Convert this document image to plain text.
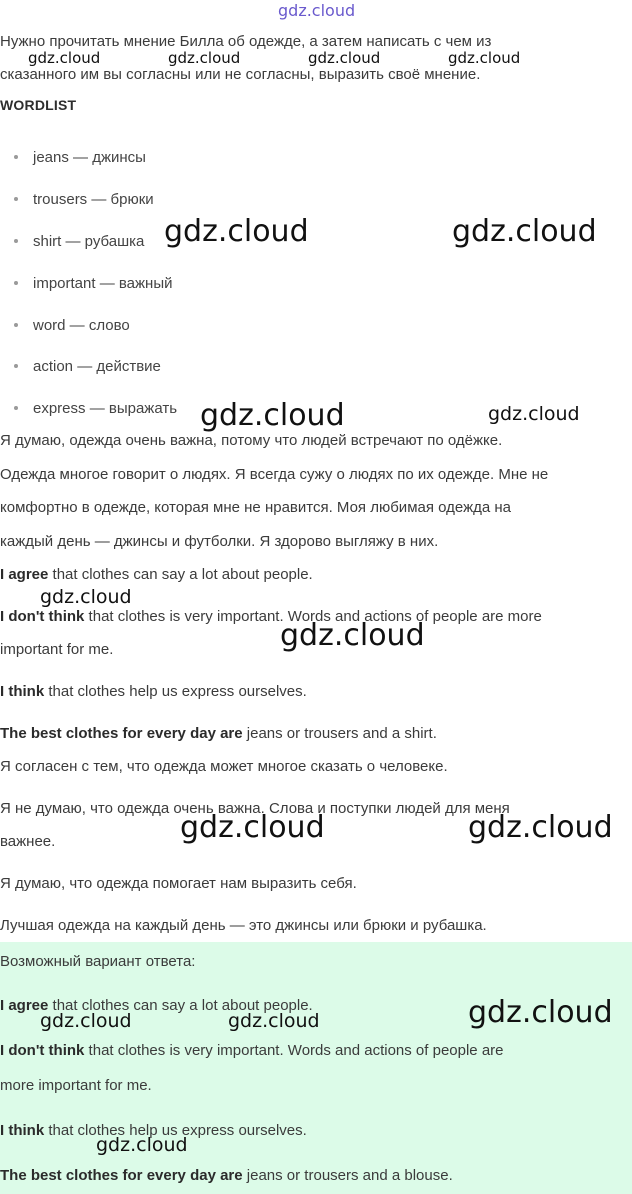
gdz.cloud
Нужно прочитать мнение Билла об одежде, а затем написать с чем из
сказанного им вы согласны или не согласны, выразить своё мнение.
gdz.cloud	gdz.cloud	gdz.cloud	gdz.cloud
WORDLIST
jeans — джинсы
trousers — брюки
shirt — рубашка
important — важный
word — слово
action — действие
express — выражать
gdz.cloud	gdz.cloud
gdz.cloud	gdz.cloud
Я думаю, одежда очень важна, потому что людей встречают по одёжке.
Одежда многое говорит о людях. Я всегда сужу о людях по их одежде. Мне не
комфортно в одежде, которая мне не нравится. Моя любимая одежда на
каждый день — джинсы и футболки. Я здорово выгляжу в них.
I agree that clothes can say a lot about people.
I don't think that clothes is very important. Words and actions of people are more
important for me.
I think that clothes help us express ourselves.
The best clothes for every day are jeans or trousers and a shirt.
gdz.cloud
gdz.cloud
Я согласен с тем, что одежда может многое сказать о человеке.
Я не думаю, что одежда очень важна. Слова и поступки людей для меня
важнее.
Я думаю, что одежда помогает нам выразить себя.
Лучшая одежда на каждый день — это джинсы или брюки и рубашка.
gdz.cloud	gdz.cloud
Возможный вариант ответа:
I agree that clothes can say a lot about people.
I don't think that clothes is very important. Words and actions of people are
more important for me.
I think that clothes help us express ourselves.
The best clothes for every day are jeans or trousers and a blouse.
gdz.cloud	gdz.cloud	gdz.cloud
gdz.cloud
